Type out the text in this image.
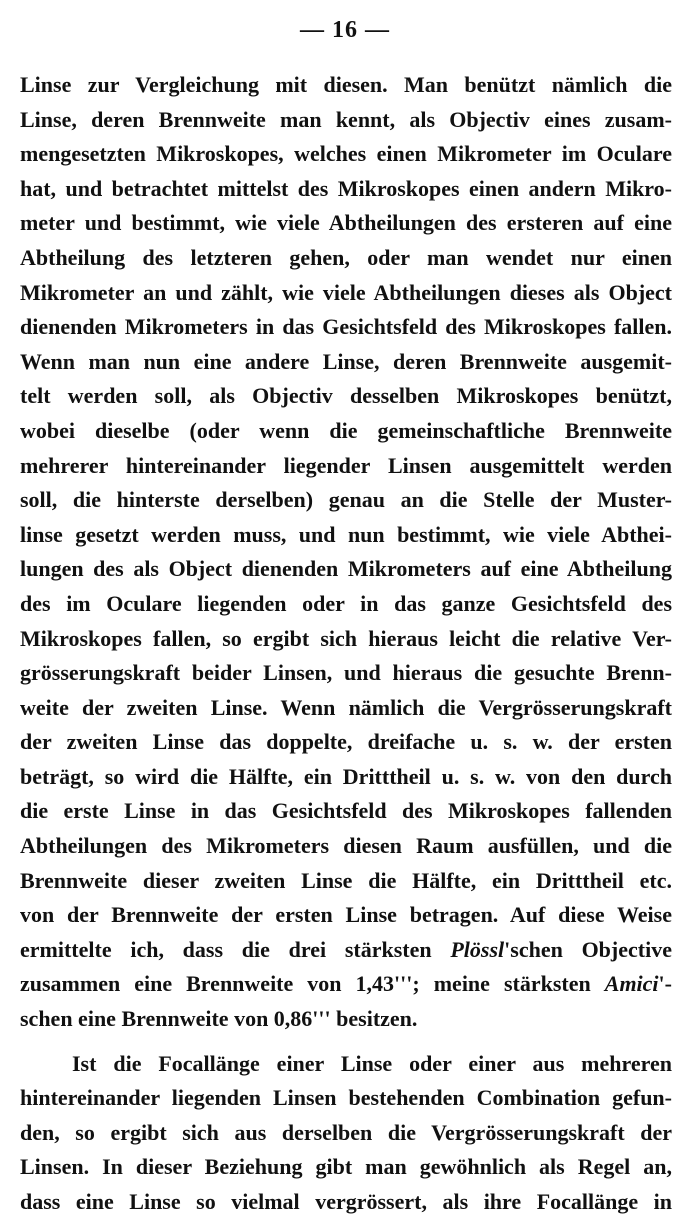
— 16 —
Linse zur Vergleichung mit diesen. Man benützt nämlich die
Linse, deren Brennweite man kennt, als Objectiv eines zusam-
mengesetzten Mikroskopes, welches einen Mikrometer im Oculare
hat, und betrachtet mittelst des Mikroskopes einen andern Mikro-
meter und bestimmt, wie viele Abtheilungen des ersteren auf eine
Abtheilung des letzteren gehen, oder man wendet nur einen
Mikrometer an und zählt, wie viele Abtheilungen dieses als Object
dienenden Mikrometers in das Gesichtsfeld des Mikroskopes fallen.
Wenn man nun eine andere Linse, deren Brennweite ausgemit-
telt werden soll, als Objectiv desselben Mikroskopes benützt,
wobei dieselbe (oder wenn die gemeinschaftliche Brennweite
mehrerer hintereinander liegender Linsen ausgemittelt werden
soll, die hinterste derselben) genau an die Stelle der Muster-
linse gesetzt werden muss, und nun bestimmt, wie viele Abthei-
lungen des als Object dienenden Mikrometers auf eine Abtheilung
des im Oculare liegenden oder in das ganze Gesichtsfeld des
Mikroskopes fallen, so ergibt sich hieraus leicht die relative Ver-
grösserungskraft beider Linsen, und hieraus die gesuchte Brenn-
weite der zweiten Linse. Wenn nämlich die Vergrösserungskraft
der zweiten Linse das doppelte, dreifache u. s. w. der ersten
beträgt, so wird die Hälfte, ein Dritttheil u. s. w. von den durch
die erste Linse in das Gesichtsfeld des Mikroskopes fallenden
Abtheilungen des Mikrometers diesen Raum ausfüllen, und die
Brennweite dieser zweiten Linse die Hälfte, ein Dritttheil etc.
von der Brennweite der ersten Linse betragen. Auf diese Weise
ermittelte ich, dass die drei stärksten Plössl'schen Objective
zusammen eine Brennweite von 1,43'''; meine stärksten Amici'-
schen eine Brennweite von 0,86''' besitzen.
Ist die Focallänge einer Linse oder einer aus mehreren
hintereinander liegenden Linsen bestehenden Combination gefun-
den, so ergibt sich aus derselben die Vergrösserungskraft der
Linsen. In dieser Beziehung gibt man gewöhnlich als Regel an,
dass eine Linse so vielmal vergrössert, als ihre Focallänge in
